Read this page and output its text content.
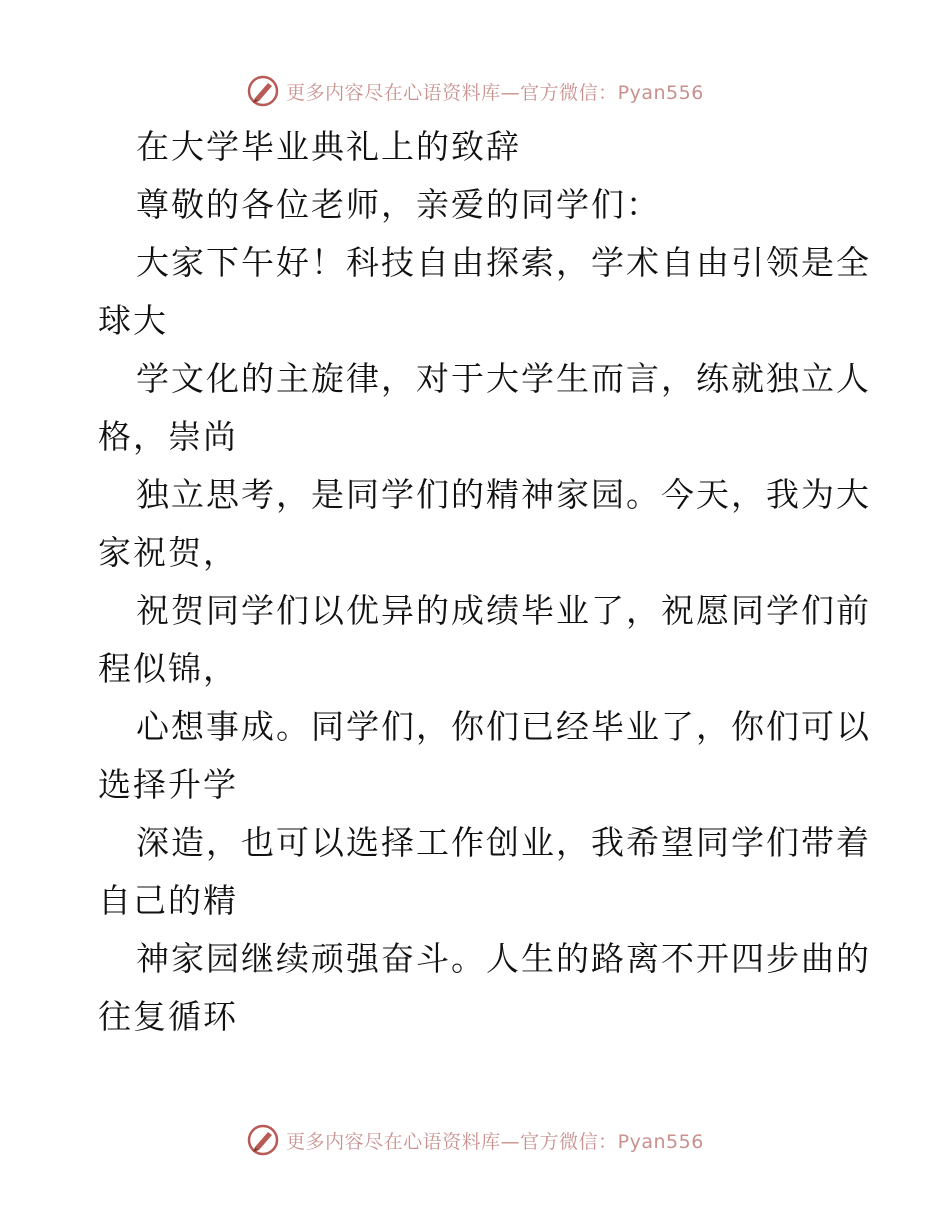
更多内容尽在心语资料库—官方微信：Pyan556
在大学毕业典礼上的致辞
尊敬的各位老师，亲爱的同学们：
大家下午好！科技自由探索，学术自由引领是全
球大
学文化的主旋律，对于大学生而言，练就独立人
格，崇尚
独立思考，是同学们的精神家园。今天，我为大
家祝贺，
祝贺同学们以优异的成绩毕业了，祝愿同学们前
程似锦，
心想事成。同学们，你们已经毕业了，你们可以
选择升学
深造，也可以选择工作创业，我希望同学们带着
自己的精
神家园继续顽强奋斗。人生的路离不开四步曲的
往复循环
更多内容尽在心语资料库—官方微信：Pyan556
